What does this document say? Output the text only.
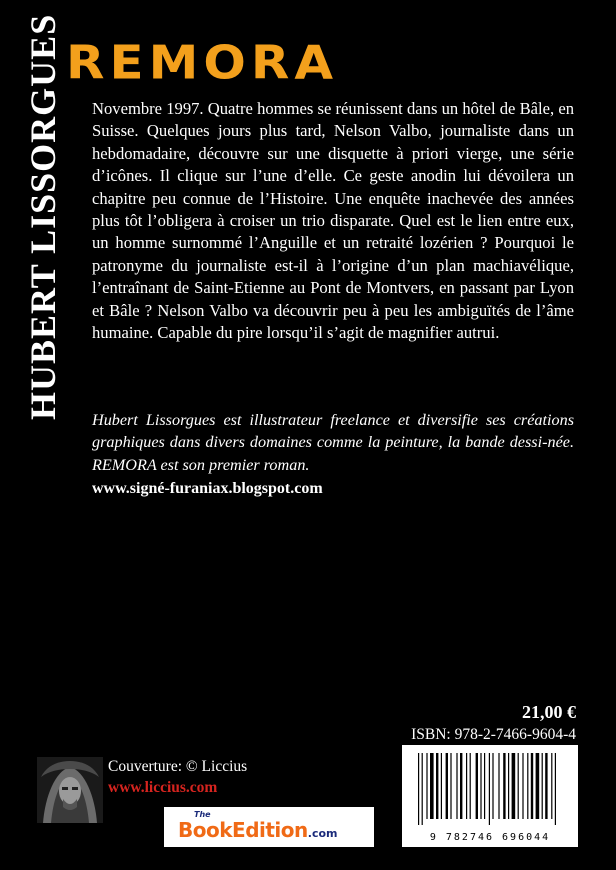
REMORA
HUBERT LISSORGUES	Novembre 1997. Quatre hommes se réunissent dans un hôtel de Bâle, en Suisse. Quelques jours plus tard, Nelson Valbo, journaliste dans un hebdomadaire, découvre sur une disquette à priori vierge, une série d’icônes. Il clique sur l’une d’elle. Ce geste anodin lui dévoilera un chapitre peu connue de l’Histoire. Une enquête inachevée des années plus tôt l’obligera à croiser un trio disparate. Quel est le lien entre eux, un homme surnommé l’Anguille et un retraité lozérien ? Pourquoi le patronyme du journaliste est-il à l’origine d’un plan machiavélique, l’entraînant de Saint-Etienne au Pont de Montvers, en passant par Lyon et Bâle ? Nelson Valbo va découvrir peu à peu les ambiguïtés de l’âme humaine. Capable du pire lorsqu’il s’agit de magnifier autrui.
Hubert Lissorgues est illustrateur freelance et diversifie ses créations graphiques dans divers domaines comme la peinture, la bande dessi-née. REMORA est son premier roman.
www.signé-furaniax.blogspot.com
21,00 €
ISBN: 978-2-7466-9604-4
9 782746 696044
Couverture: © Liccius
www.liccius.com
The
BookEdition.com
